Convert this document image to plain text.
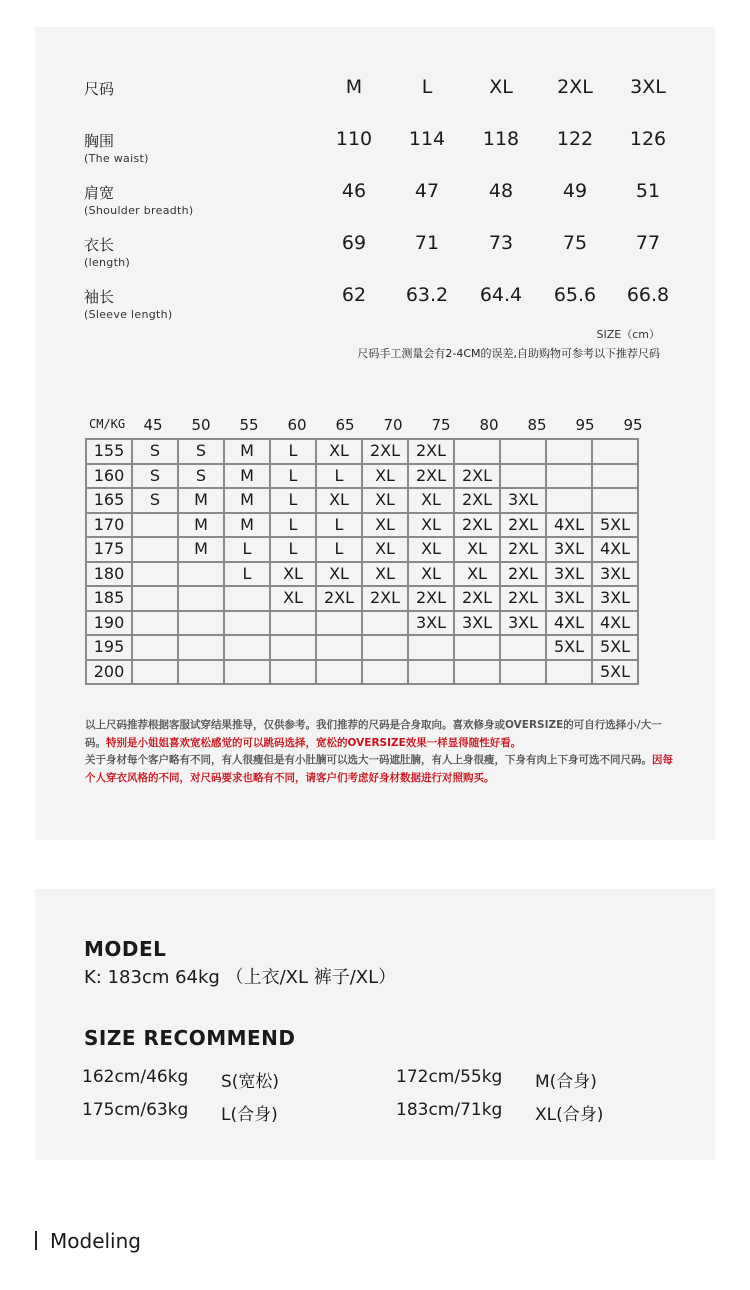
尺码	M	L	XL	2XL	3XL
胸围
(The waist)
110	114	118	122	126
肩宽
(Shoulder breadth)
46	47	48	49	51
衣长
(length)
69	71	73	75	77
袖长
(Sleeve length)
62	63.2	64.4	65.6	66.8
SIZE（cm）
尺码手工测量会有2-4CM的误差,自助购物可参考以下推荐尺码
CM/KG	45	50	55	60	65	70	75	80	85	95	95
155	S	S	M	L	XL	2XL	2XL				
160	S	S	M	L	L	XL	2XL	2XL			
165	S	M	M	L	XL	XL	XL	2XL	3XL		
170		M	M	L	L	XL	XL	2XL	2XL	4XL	5XL
175		M	L	L	L	XL	XL	XL	2XL	3XL	4XL
180			L	XL	XL	XL	XL	XL	2XL	3XL	3XL
185				XL	2XL	2XL	2XL	2XL	2XL	3XL	3XL
190							3XL	3XL	3XL	4XL	4XL
195										5XL	5XL
200											5XL
以上尺码推荐根据客服试穿结果推导，仅供参考。我们推荐的尺码是合身取向。喜欢修身或OVERSIZE的可自行选择小/大一码。特别是小姐姐喜欢宽松感觉的可以跳码选择，宽松的OVERSIZE效果一样显得随性好看。
关于身材每个客户略有不同，有人很瘦但是有小肚腩可以选大一码遮肚腩，有人上身很瘦，下身有肉上下身可选不同尺码。因每个人穿衣风格的不同，对尺码要求也略有不同，请客户们考虑好身材数据进行对照购买。
MODEL
K: 183cm 64kg （上衣/XL 裤子/XL）
SIZE RECOMMEND
162cm/46kg S(宽松)	172cm/55kg M(合身)
175cm/63kg L(合身)	183cm/71kg XL(合身)
Modeling
